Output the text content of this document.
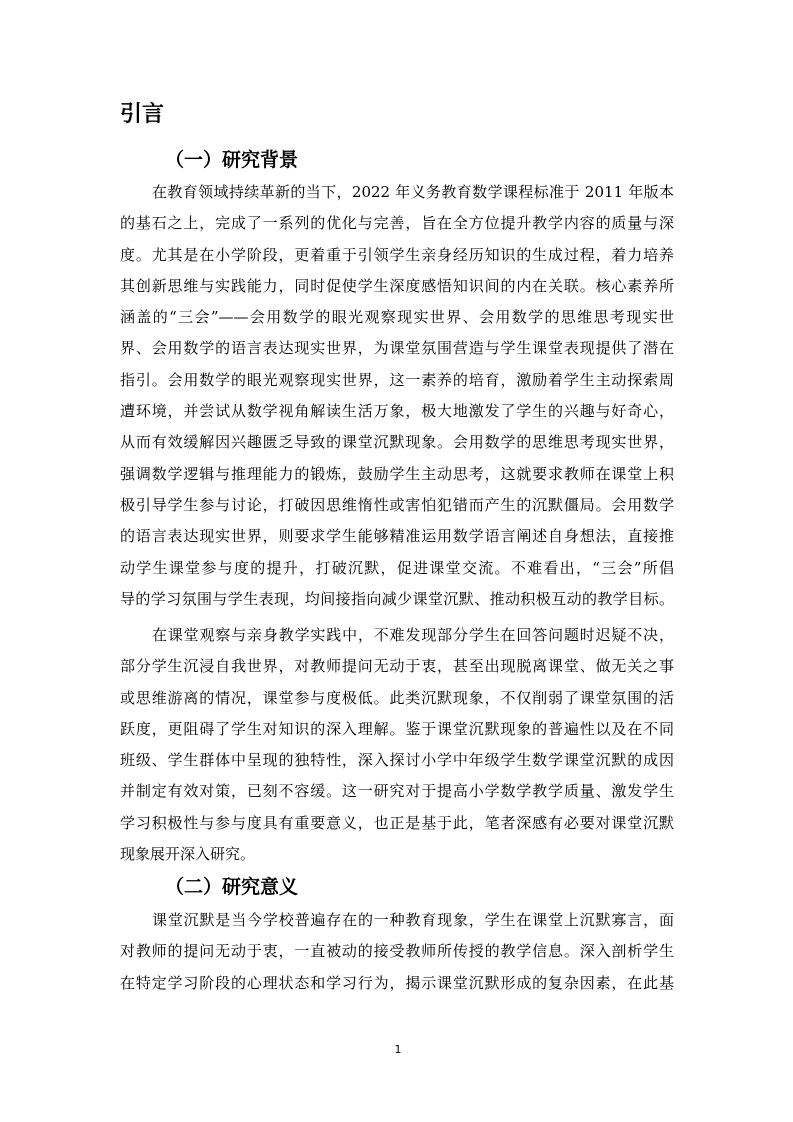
引言
（一）研究背景
在教育领域持续革新的当下，2022 年义务教育数学课程标准于 2011 年版本
的基石之上，完成了一系列的优化与完善，旨在全方位提升教学内容的质量与深
度。尤其是在小学阶段，更着重于引领学生亲身经历知识的生成过程，着力培养
其创新思维与实践能力，同时促使学生深度感悟知识间的内在关联。核心素养所
涵盖的“三会”——会用数学的眼光观察现实世界、会用数学的思维思考现实世
界、会用数学的语言表达现实世界，为课堂氛围营造与学生课堂表现提供了潜在
指引。会用数学的眼光观察现实世界，这一素养的培育，激励着学生主动探索周
遭环境，并尝试从数学视角解读生活万象，极大地激发了学生的兴趣与好奇心，
从而有效缓解因兴趣匮乏导致的课堂沉默现象。会用数学的思维思考现实世界，
强调数学逻辑与推理能力的锻炼，鼓励学生主动思考，这就要求教师在课堂上积
极引导学生参与讨论，打破因思维惰性或害怕犯错而产生的沉默僵局。会用数学
的语言表达现实世界，则要求学生能够精准运用数学语言阐述自身想法，直接推
动学生课堂参与度的提升，打破沉默，促进课堂交流。不难看出，“三会”所倡
导的学习氛围与学生表现，均间接指向减少课堂沉默、推动积极互动的教学目标。
在课堂观察与亲身教学实践中，不难发现部分学生在回答问题时迟疑不决，
部分学生沉浸自我世界，对教师提问无动于衷，甚至出现脱离课堂、做无关之事
或思维游离的情况，课堂参与度极低。此类沉默现象，不仅削弱了课堂氛围的活
跃度，更阻碍了学生对知识的深入理解。鉴于课堂沉默现象的普遍性以及在不同
班级、学生群体中呈现的独特性，深入探讨小学中年级学生数学课堂沉默的成因
并制定有效对策，已刻不容缓。这一研究对于提高小学数学教学质量、激发学生
学习积极性与参与度具有重要意义，也正是基于此，笔者深感有必要对课堂沉默
现象展开深入研究。
（二）研究意义
课堂沉默是当今学校普遍存在的一种教育现象，学生在课堂上沉默寡言，面
对教师的提问无动于衷，一直被动的接受教师所传授的教学信息。深入剖析学生
在特定学习阶段的心理状态和学习行为，揭示课堂沉默形成的复杂因素，在此基
1
